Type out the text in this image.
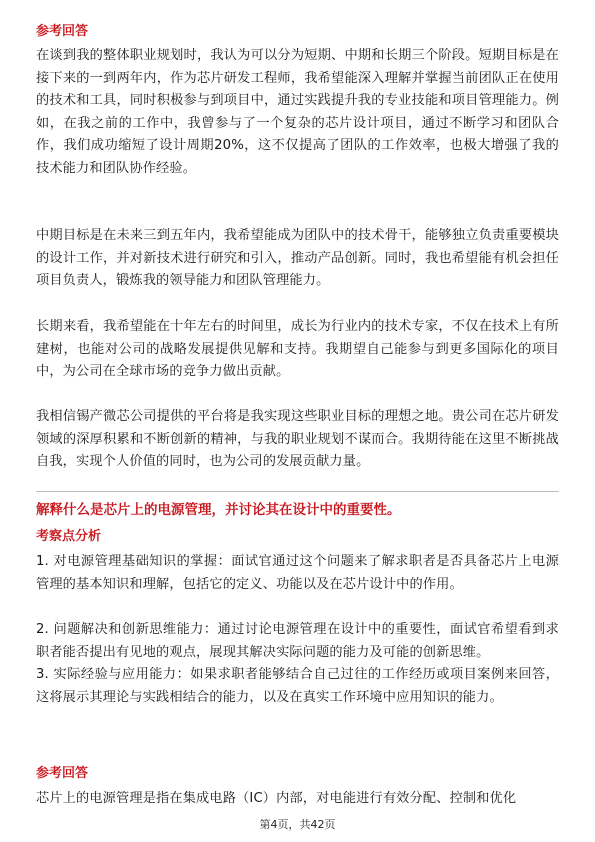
参考回答
在谈到我的整体职业规划时，我认为可以分为短期、中期和长期三个阶段。短期目标是在接下来的一到两年内，作为芯片研发工程师，我希望能深入理解并掌握当前团队正在使用的技术和工具，同时积极参与到项目中，通过实践提升我的专业技能和项目管理能力。例如，在我之前的工作中，我曾参与了一个复杂的芯片设计项目，通过不断学习和团队合作，我们成功缩短了设计周期20%，这不仅提高了团队的工作效率，也极大增强了我的技术能力和团队协作经验。
中期目标是在未来三到五年内，我希望能成为团队中的技术骨干，能够独立负责重要模块的设计工作，并对新技术进行研究和引入，推动产品创新。同时，我也希望能有机会担任项目负责人，锻炼我的领导能力和团队管理能力。
长期来看，我希望能在十年左右的时间里，成长为行业内的技术专家，不仅在技术上有所建树，也能对公司的战略发展提供见解和支持。我期望自己能参与到更多国际化的项目中，为公司在全球市场的竞争力做出贡献。
我相信锡产微芯公司提供的平台将是我实现这些职业目标的理想之地。贵公司在芯片研发领域的深厚积累和不断创新的精神，与我的职业规划不谋而合。我期待能在这里不断挑战自我，实现个人价值的同时，也为公司的发展贡献力量。
解释什么是芯片上的电源管理，并讨论其在设计中的重要性。
考察点分析
1. 对电源管理基础知识的掌握：面试官通过这个问题来了解求职者是否具备芯片上电源管理的基本知识和理解，包括它的定义、功能以及在芯片设计中的作用。
2. 问题解决和创新思维能力：通过讨论电源管理在设计中的重要性，面试官希望看到求职者能否提出有见地的观点，展现其解决实际问题的能力及可能的创新思维。
3. 实际经验与应用能力：如果求职者能够结合自己过往的工作经历或项目案例来回答，这将展示其理论与实践相结合的能力，以及在真实工作环境中应用知识的能力。
参考回答
芯片上的电源管理是指在集成电路（IC）内部，对电能进行有效分配、控制和优化
第4页，共42页
